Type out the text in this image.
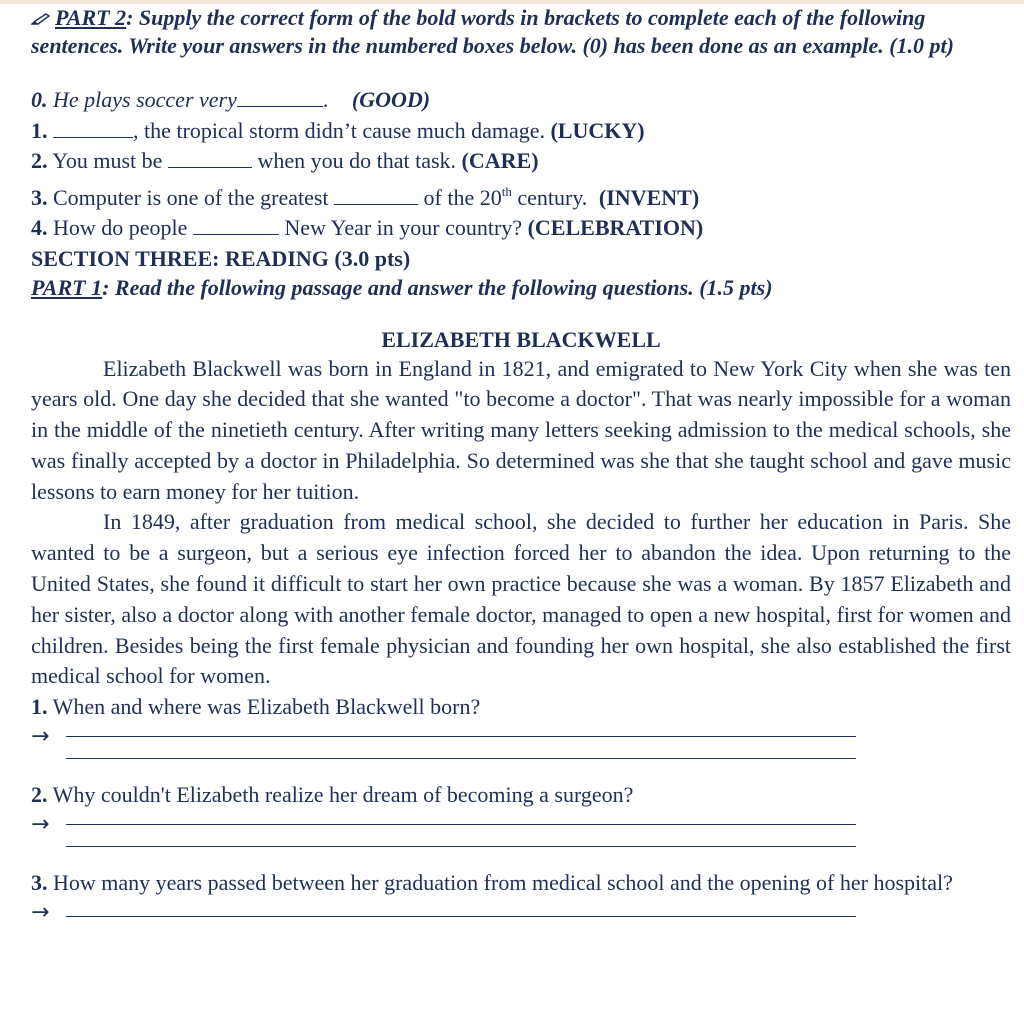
PART 2: Supply the correct form of the bold words in brackets to complete each of the following sentences. Write your answers in the numbered boxes below. (0) has been done as an example. (1.0 pt)

0. He plays soccer very	. (GOOD)
1.	, the tropical storm didn’t cause much damage. (LUCKY)
2. You must be	when you do that task. (CARE)
3. Computer is one of the greatest	of the 20th century. (INVENT)
4. How do people	New Year in your country? (CELEBRATION)

SECTION THREE: READING (3.0 pts)

PART 1: Read the following passage and answer the following questions. (1.5 pts)

ELIZABETH BLACKWELL

Elizabeth Blackwell was born in England in 1821, and emigrated to New York City when she was ten years old. One day she decided that she wanted "to become a doctor". That was nearly impossible for a woman in the middle of the ninetieth century. After writing many letters seeking admission to the medical schools, she was finally accepted by a doctor in Philadelphia. So determined was she that she taught school and gave music lessons to earn money for her tuition.

In 1849, after graduation from medical school, she decided to further her education in Paris. She wanted to be a surgeon, but a serious eye infection forced her to abandon the idea. Upon returning to the United States, she found it difficult to start her own practice because she was a woman. By 1857 Elizabeth and her sister, also a doctor along with another female doctor, managed to open a new hospital, first for women and children. Besides being the first female physician and founding her own hospital, she also established the first medical school for women.

1. When and where was Elizabeth Blackwell born?

→

2. Why couldn't Elizabeth realize her dream of becoming a surgeon?

→

3. How many years passed between her graduation from medical school and the opening of her hospital?

→
